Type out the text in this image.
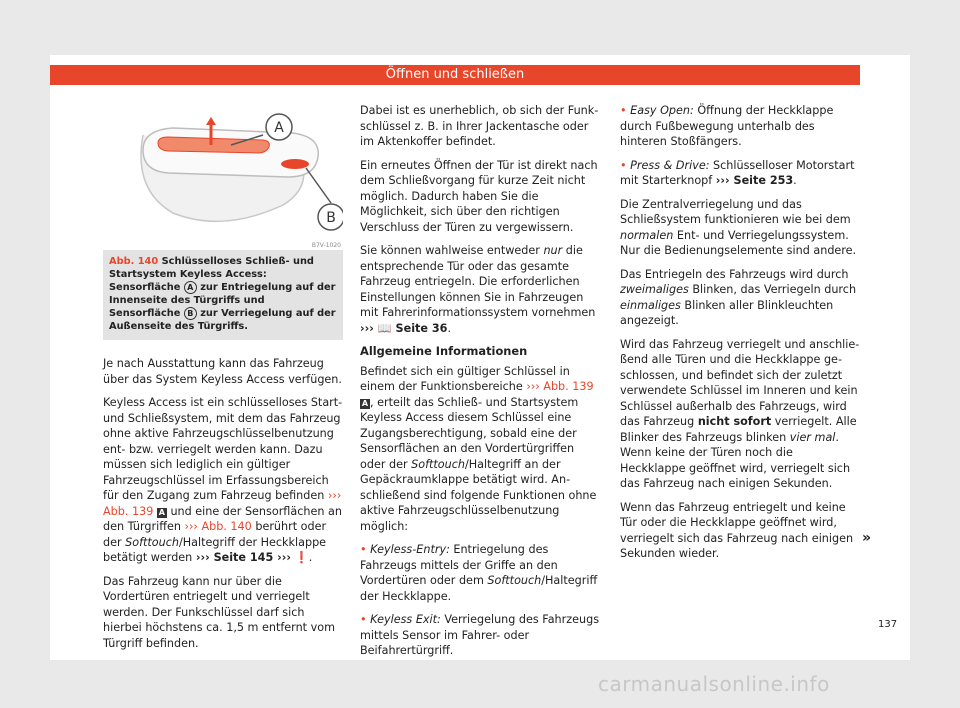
Öffnen und schließen
A
B
B7V-1020
Abb. 140 Schlüsselloses Schließ- und Startsystem Keyless Access: Sensorfläche A zur Entriegelung auf der Innenseite des Türgriffs und Sensorfläche B zur Verriegelung auf der Außenseite des Türgriffs.

Je nach Ausstattung kann das Fahrzeug über das System Keyless Access verfügen.

Keyless Access ist ein schlüsselloses Start- und Schließsystem, mit dem das Fahrzeug ohne aktive Fahrzeugschlüsselbenutzung ent- bzw. verriegelt werden kann. Dazu müssen sich lediglich ein gültiger Fahrzeugschlüssel im Erfassungsbereich für den Zugang zum Fahrzeug befinden ››› Abb. 139 A und eine der Sensorflächen an den Türgriffen ››› Abb. 140 berührt oder der Softtouch/Haltegriff der Heckklappe betätigt werden ››› Seite 145 ››› ❗.

Das Fahrzeug kann nur über die Vordertüren entriegelt und verriegelt werden. Der Funkschlüssel darf sich hierbei höchstens ca. 1,5 m entfernt vom Türgriff befinden.

Dabei ist es unerheblich, ob sich der Funkschlüssel z. B. in Ihrer Jackentasche oder im Aktenkoffer befindet.

Ein erneutes Öffnen der Tür ist direkt nach dem Schließvorgang für kurze Zeit nicht möglich. Dadurch haben Sie die Möglichkeit, sich über den richtigen Verschluss der Türen zu vergewissern.

Sie können wahlweise entweder nur die entsprechende Tür oder das gesamte Fahrzeug entriegeln. Die erforderlichen Einstellungen können Sie in Fahrzeugen mit Fahrerinformationssystem vornehmen ››› 📖 Seite 36.

Allgemeine Informationen

Befindet sich ein gültiger Schlüssel in einem der Funktionsbereiche ››› Abb. 139 A , erteilt das Schließ- und Startsystem Keyless Access diesem Schlüssel eine Zugangsberechtigung, sobald eine der Sensorflächen an den Vordertürgriffen oder der Softtouch/Haltegriff an der Gepäckraumklappe betätigt wird. Anschließend sind folgende Funktionen ohne aktive Fahrzeugschlüsselbenutzung möglich:

• Keyless-Entry: Entriegelung des Fahrzeugs mittels der Griffe an den Vordertüren oder dem Softtouch/Haltegriff der Heckklappe.

• Keyless Exit: Verriegelung des Fahrzeugs mittels Sensor im Fahrer- oder Beifahrertürgriff.

• Easy Open: Öffnung der Heckklappe durch Fußbewegung unterhalb des hinteren Stoßfängers.

• Press & Drive: Schlüsselloser Motorstart mit Starterknopf ››› Seite 253.

Die Zentralverriegelung und das Schließsystem funktionieren wie bei dem normalen Ent- und Verriegelungssystem. Nur die Bedienungselemente sind andere.

Das Entriegeln des Fahrzeugs wird durch zweimaliges Blinken, das Verriegeln durch einmaliges Blinken aller Blinkleuchten angezeigt.

Wird das Fahrzeug verriegelt und anschließend alle Türen und die Heckklappe geschlossen, und befindet sich der zuletzt verwendete Schlüssel im Inneren und kein Schlüssel außerhalb des Fahrzeugs, wird das Fahrzeug nicht sofort verriegelt. Alle Blinker des Fahrzeugs blinken vier mal. Wenn keine der Türen noch die Heckklappe geöffnet wird, verriegelt sich das Fahrzeug nach einigen Sekunden.

Wenn das Fahrzeug entriegelt und keine Tür oder die Heckklappe geöffnet wird, verriegelt sich das Fahrzeug nach einigen Sekunden wieder.

»
137
carmanualsonline.info
